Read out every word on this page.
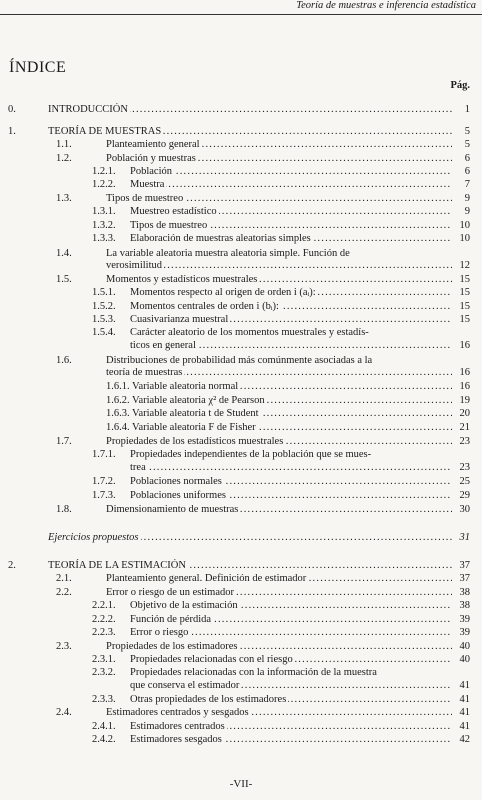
Teoría de muestras e inferencia estadística
ÍNDICE
Pág.
0.	INTRODUCCIÓN .....	1
1.	TEORÍA DE MUESTRAS .....	5
1.1.	Planteamiento general .....	5
1.2.	Población y muestras .....	6
1.2.1. Población .....	6
1.2.2. Muestra .....	7
1.3.	Tipos de muestreo .....	9
1.3.1. Muestreo estadístico .....	9
1.3.2. Tipos de muestreo .....	10
1.3.3. Elaboración de muestras aleatorias simples .....	10
1.4.	La variable aleatoria muestra aleatoria simple. Función de
verosimilitud .....	12
1.5.	Momentos y estadísticos muestrales .....	15
1.5.1. Momentos respecto al origen de orden i (aᵢ): .....	15
1.5.2. Momentos centrales de orden i (bᵢ): .....	15
1.5.3. Cuasivarianza muestral .....	15
1.5.4. Carácter aleatorio de los momentos muestrales y estadís-
ticos en general .....	16
1.6.	Distribuciones de probabilidad más comúnmente asociadas a la
teoría de muestras .....	16
1.6.1. Variable aleatoria normal .....	16
1.6.2. Variable aleatoria χ² de Pearson .....	19
1.6.3. Variable aleatoria t de Student .....	20
1.6.4. Variable aleatoria F de Fisher .....	21
1.7.	Propiedades de los estadísticos muestrales .....	23
1.7.1. Propiedades independientes de la población que se mues-
trea .....	23
1.7.2. Poblaciones normales .....	25
1.7.3. Poblaciones uniformes .....	29
1.8.	Dimensionamiento de muestras .....	30
Ejercicios propuestos .....	31
2.	TEORÍA DE LA ESTIMACIÓN .....	37
2.1.	Planteamiento general. Definición de estimador .....	37
2.2.	Error o riesgo de un estimador .....	38
2.2.1. Objetivo de la estimación .....	38
2.2.2. Función de pérdida .....	39
2.2.3. Error o riesgo .....	39
2.3.	Propiedades de los estimadores .....	40
2.3.1. Propiedades relacionadas con el riesgo .....	40
2.3.2. Propiedades relacionadas con la información de la muestra
que conserva el estimador .....	41
2.3.3. Otras propiedades de los estimadores .....	41
2.4.	Estimadores centrados y sesgados .....	41
2.4.1. Estimadores centrados .....	41
2.4.2. Estimadores sesgados .....	42
-VII-
